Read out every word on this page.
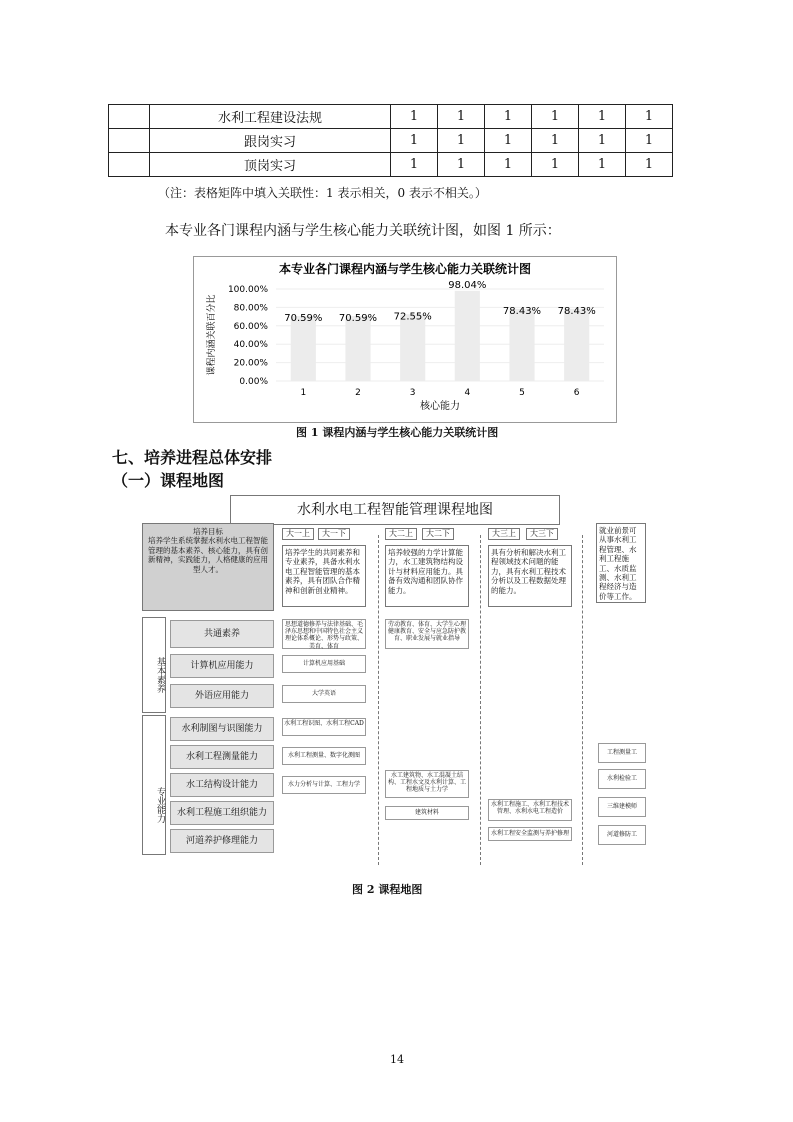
	水利工程建设法规	1	1	1	1	1	1
	跟岗实习	1	1	1	1	1	1
	顶岗实习	1	1	1	1	1	1
（注：表格矩阵中填入关联性：1 表示相关，0 表示不相关。）
本专业各门课程内涵与学生核心能力关联统计图，如图 1 所示：
本专业各门课程内涵与学生核心能力关联统计图
课程内涵关联百分比
核心能力
0.00%
20.00%
40.00%
60.00%
80.00%
100.00%
70.59%
1
70.59%
2
72.55%
3
98.04%
4
78.43%
5
78.43%
6
图 1 课程内涵与学生核心能力关联统计图
七、培养进程总体安排
（一）课程地图
水利水电工程智能管理课程地图
大一上	大一下	大二上	大二下	大三上	大三下
培养目标
培养学生系统掌握水利水电工程智能管理的基本素养、核心能力，具有创新精神，实践能力，人格健康的应用型人才。
培养学生的共同素养和专业素养，具备水利水电工程智能管理的基本素养，具有团队合作精神和创新创业精神。
培养较强的力学计算能力，水工建筑物结构设计与材料应用能力。具备有效沟通和团队协作能力。
具有分析和解决水利工程领域技术问题的能力，具有水利工程技术分析以及工程数据处理的能力。
就业前景可从事水利工程管理、水利工程施工、水质监测、水利工程经济与造价等工作。
基本素养
专业能力
共通素养
计算机应用能力
外语应用能力
水利制图与识图能力
水利工程测量能力
水工结构设计能力
水利工程施工组织能力
河道养护修理能力
思想道德修养与法律基础、毛泽东思想和中国特色社会主义理论体系概论、形势与政策、美育、体育
计算机应用基础
大学英语
水利工程识图、水利工程CAD
水利工程测量、数字化测图
水力分析与计算、工程力学
劳动教育、体育、大学生心理健康教育、安全与应急防护教育、职业发展与就业指导
水工建筑物、水工混凝土结构、工程水文及水利计算、工程地质与土力学
建筑材料
水利工程施工、水利工程技术管理、水利水电工程造价
水利工程安全监测与养护修理
工程测量工
水利检验工
三维建模师
河道修防工
图 2 课程地图
14
